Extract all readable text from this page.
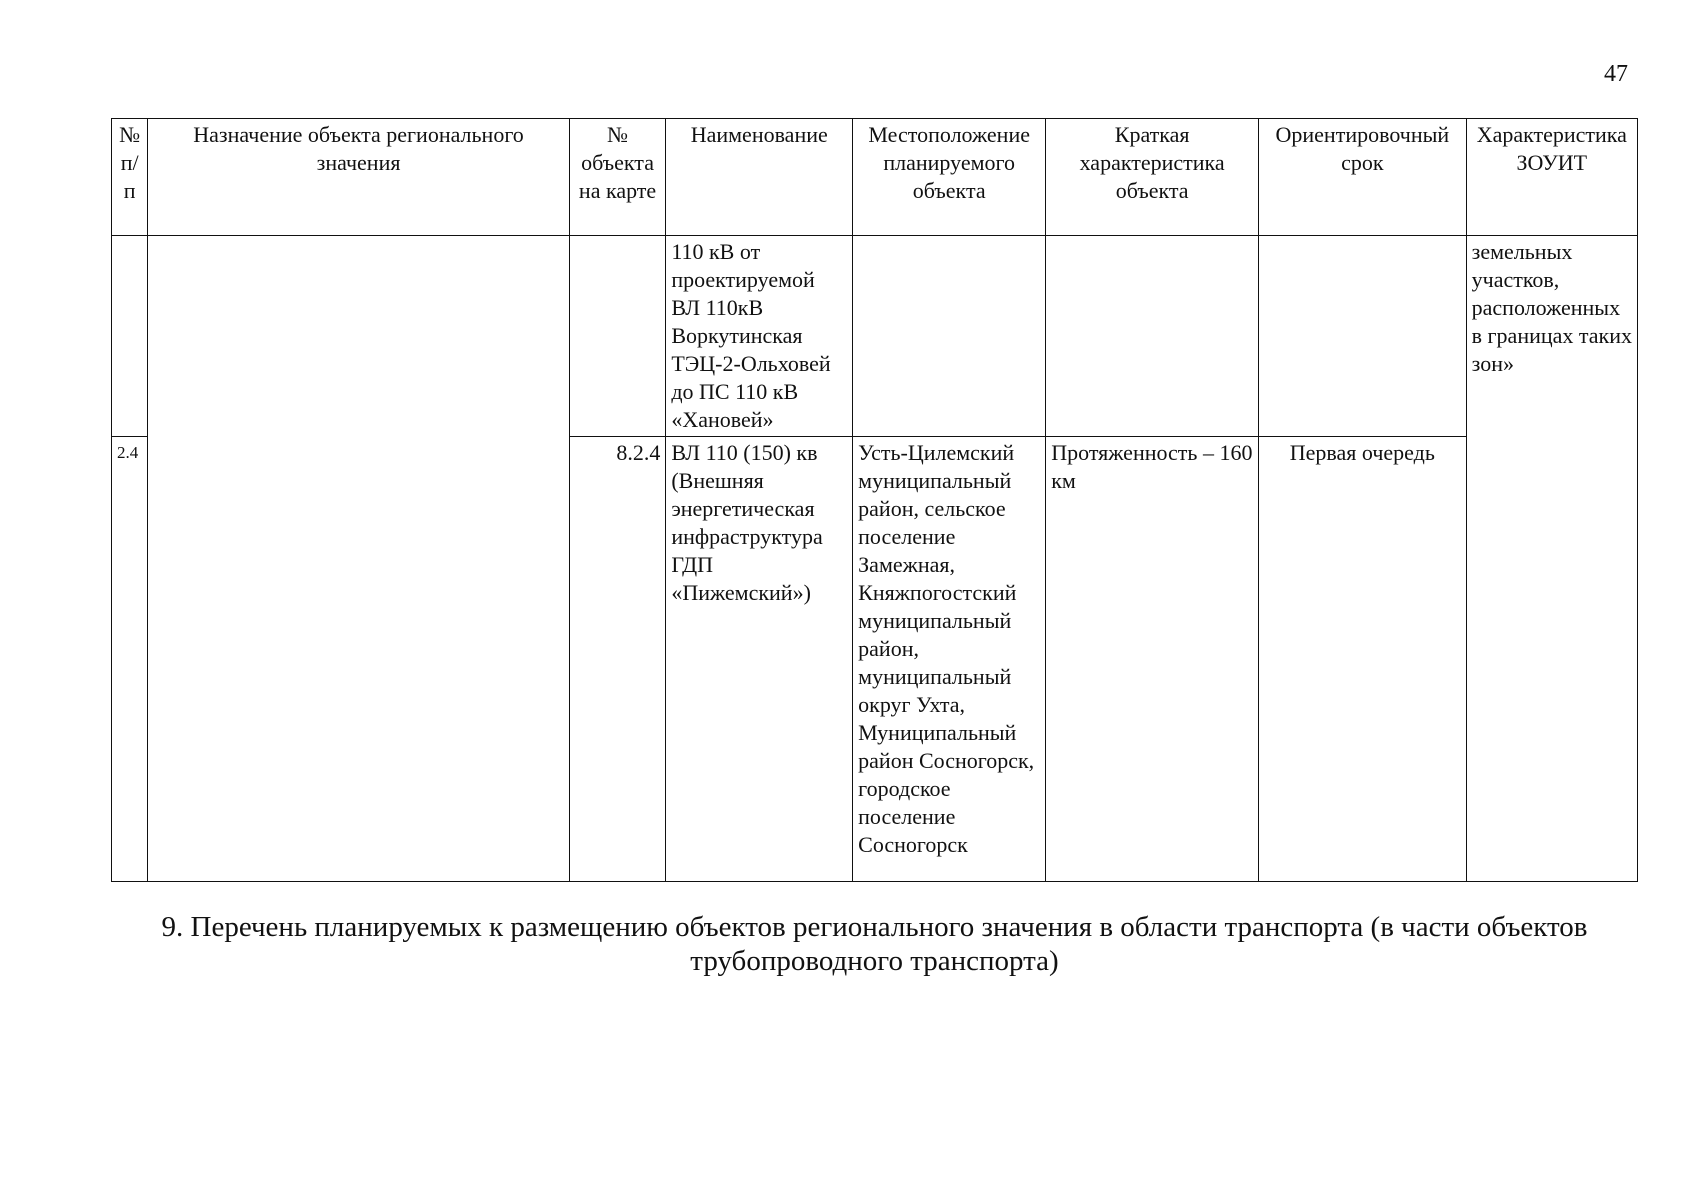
47
№ п/п	Назначение объекта регионального значения	№ объекта на карте	Наименование	Местоположение планируемого объекта	Краткая характеристика объекта	Ориентировочный срок	Характеристика ЗОУИТ
			110 кВ от проектируемой ВЛ 110кВ Воркутинская ТЭЦ-2-Ольховей до ПС 110 кВ «Хановей»				земельных участков, расположенных в границах таких зон»
2.4		8.2.4	ВЛ 110 (150) кв (Внешняя энергетическая инфраструктура ГДП «Пижемский»)	Усть-Цилемский муниципальный район, сельское поселение Замежная, Княжпогостский муниципальный район, муниципальный округ Ухта, Муниципальный район Сосногорск, городское поселение Сосногорск	Протяженность – 160 км	Первая очередь	
9. Перечень планируемых к размещению объектов регионального значения в области транспорта (в части объектов трубопроводного транспорта)
